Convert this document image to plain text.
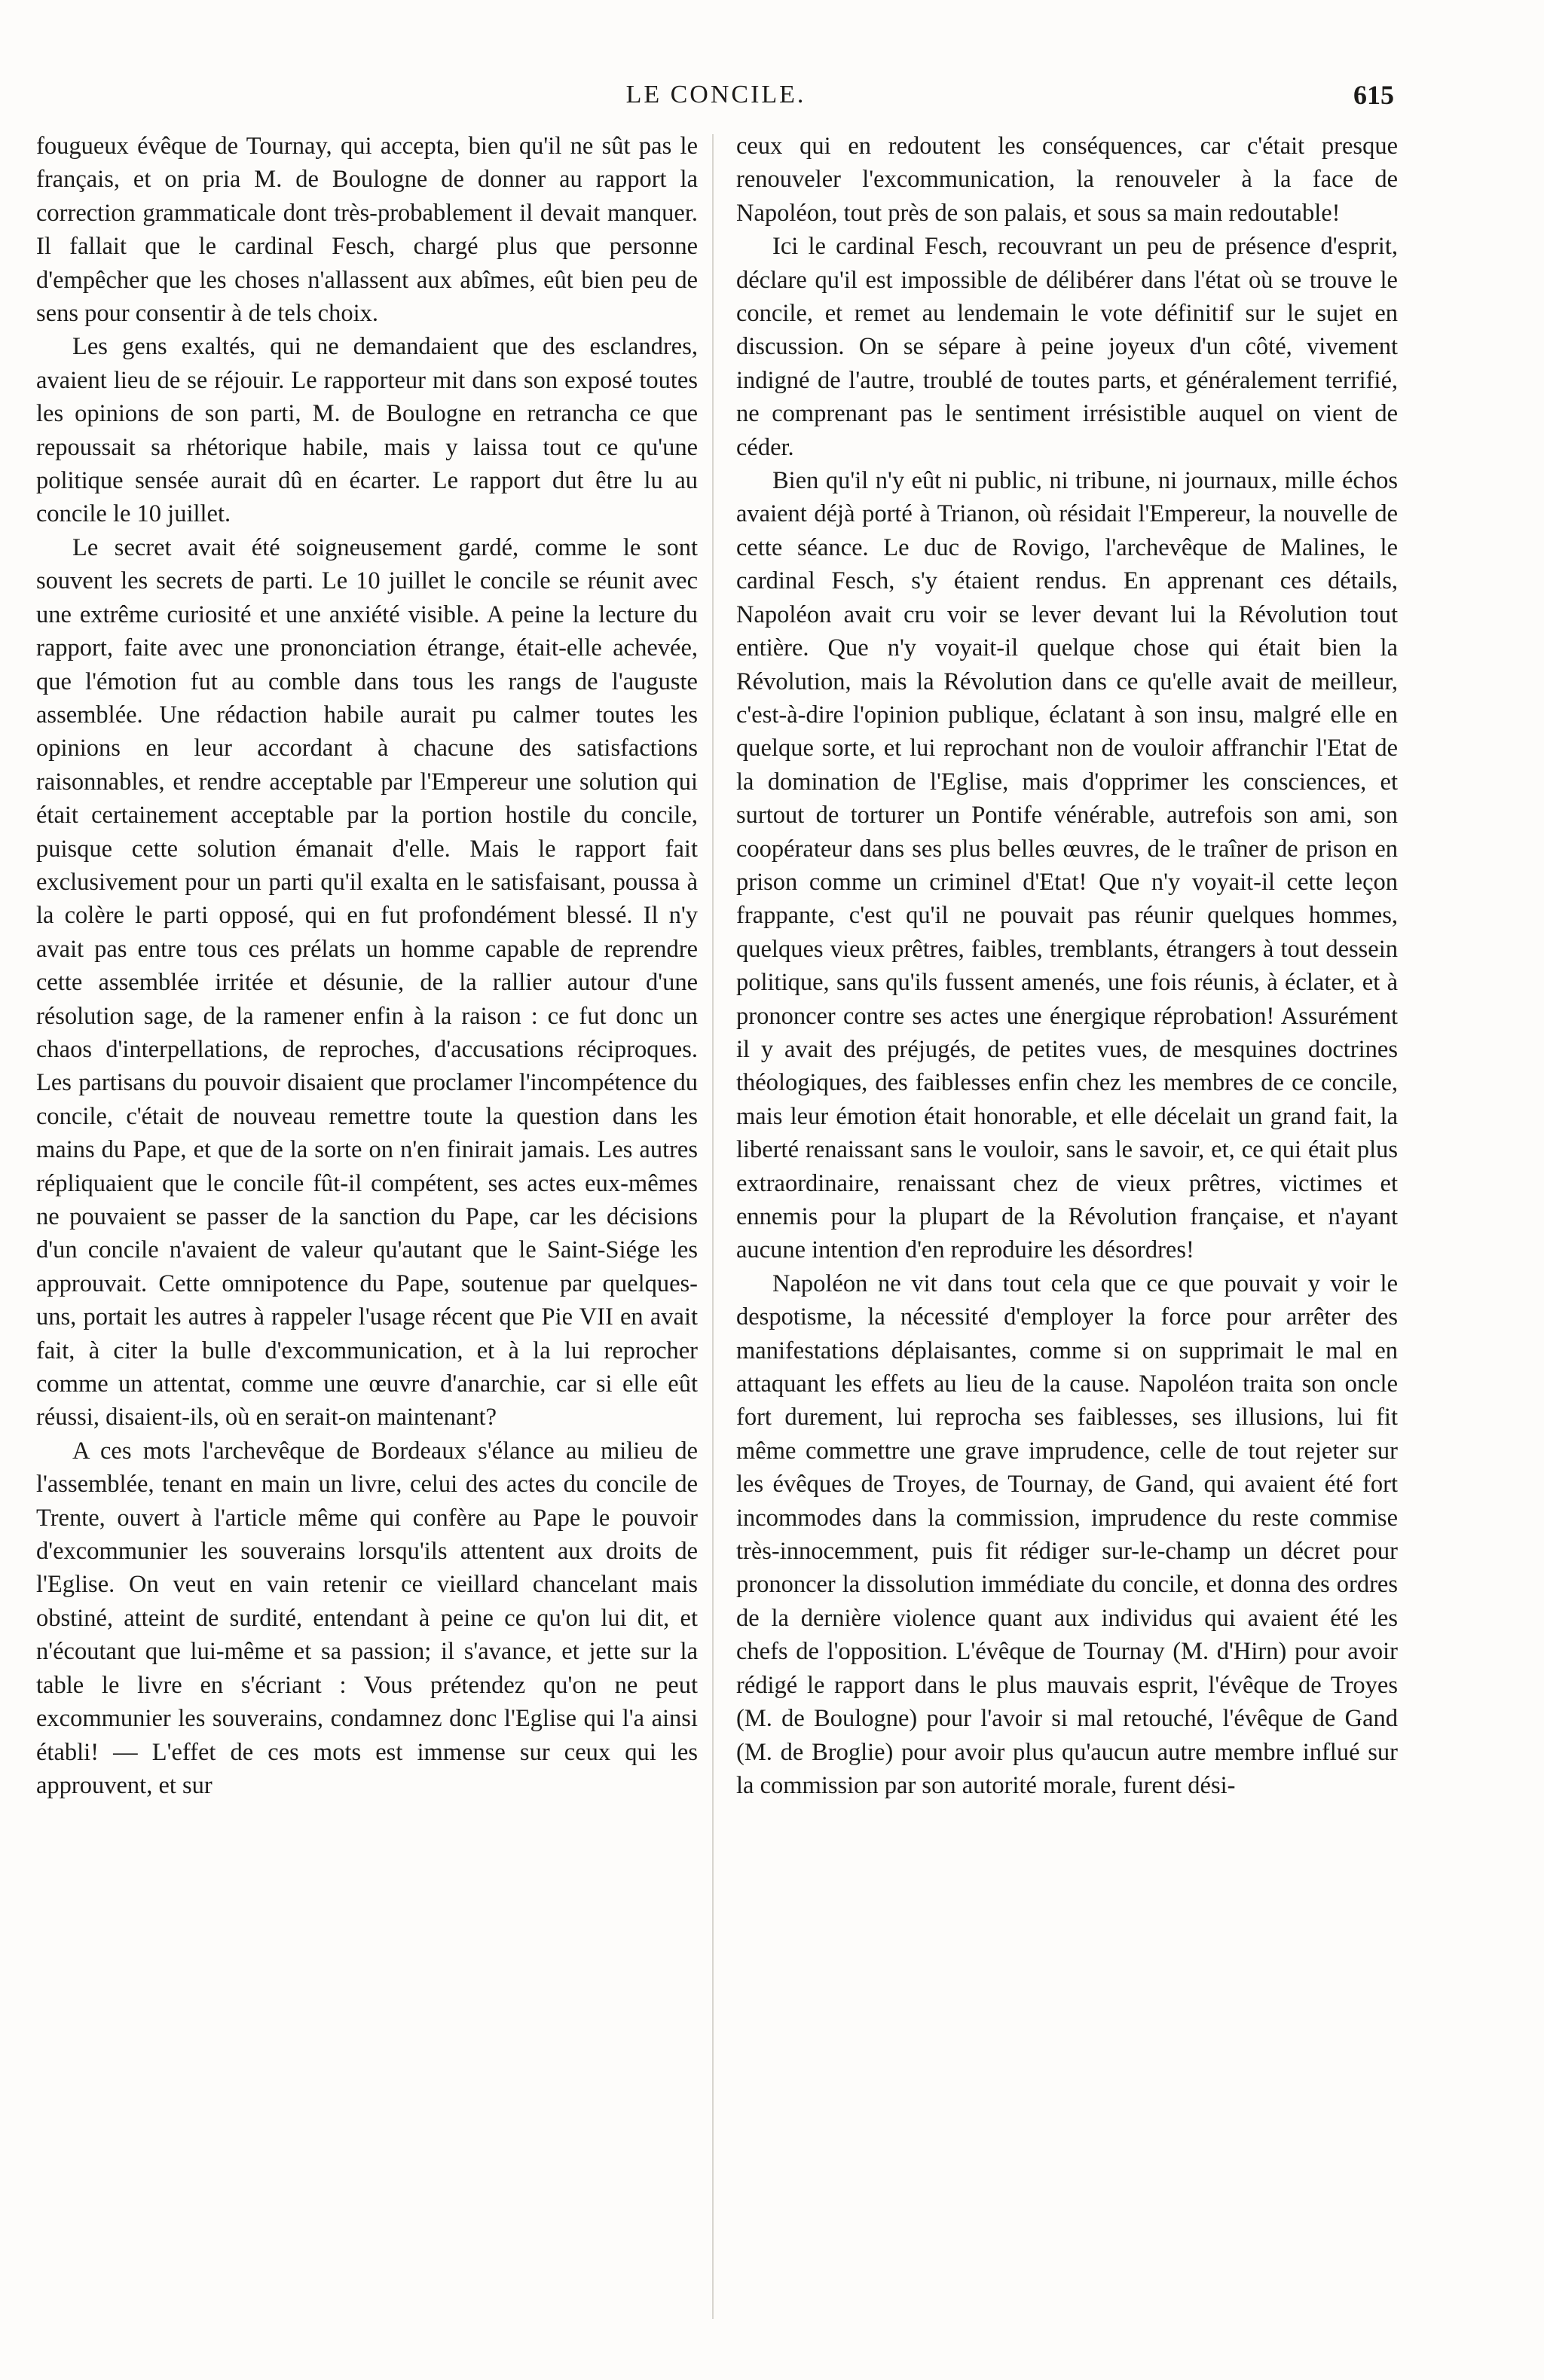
LE CONCILE.	615

fougueux évêque de Tournay, qui accepta, bien qu'il ne sût pas le français, et on pria M. de Boulogne de donner au rapport la correction grammaticale dont très-probablement il devait manquer. Il fallait que le cardinal Fesch, chargé plus que personne d'empêcher que les choses n'allassent aux abîmes, eût bien peu de sens pour consentir à de tels choix.

Les gens exaltés, qui ne demandaient que des esclandres, avaient lieu de se réjouir. Le rapporteur mit dans son exposé toutes les opinions de son parti, M. de Boulogne en retrancha ce que repoussait sa rhétorique habile, mais y laissa tout ce qu'une politique sensée aurait dû en écarter. Le rapport dut être lu au concile le 10 juillet.

Le secret avait été soigneusement gardé, comme le sont souvent les secrets de parti. Le 10 juillet le concile se réunit avec une extrême curiosité et une anxiété visible. A peine la lecture du rapport, faite avec une prononciation étrange, était-elle achevée, que l'émotion fut au comble dans tous les rangs de l'auguste assemblée. Une rédaction habile aurait pu calmer toutes les opinions en leur accordant à chacune des satisfactions raisonnables, et rendre acceptable par l'Empereur une solution qui était certainement acceptable par la portion hostile du concile, puisque cette solution émanait d'elle. Mais le rapport fait exclusivement pour un parti qu'il exalta en le satisfaisant, poussa à la colère le parti opposé, qui en fut profondément blessé. Il n'y avait pas entre tous ces prélats un homme capable de reprendre cette assemblée irritée et désunie, de la rallier autour d'une résolution sage, de la ramener enfin à la raison : ce fut donc un chaos d'interpellations, de reproches, d'accusations réciproques. Les partisans du pouvoir disaient que proclamer l'incompétence du concile, c'était de nouveau remettre toute la question dans les mains du Pape, et que de la sorte on n'en finirait jamais. Les autres répliquaient que le concile fût-il compétent, ses actes eux-mêmes ne pouvaient se passer de la sanction du Pape, car les décisions d'un concile n'avaient de valeur qu'autant que le Saint-Siége les approuvait. Cette omnipotence du Pape, soutenue par quelques-uns, portait les autres à rappeler l'usage récent que Pie VII en avait fait, à citer la bulle d'excommunication, et à la lui reprocher comme un attentat, comme une œuvre d'anarchie, car si elle eût réussi, disaient-ils, où en serait-on maintenant?

A ces mots l'archevêque de Bordeaux s'élance au milieu de l'assemblée, tenant en main un livre, celui des actes du concile de Trente, ouvert à l'article même qui confère au Pape le pouvoir d'excommunier les souverains lorsqu'ils attentent aux droits de l'Eglise. On veut en vain retenir ce vieillard chancelant mais obstiné, atteint de surdité, entendant à peine ce qu'on lui dit, et n'écoutant que lui-même et sa passion; il s'avance, et jette sur la table le livre en s'écriant : Vous prétendez qu'on ne peut excommunier les souverains, condamnez donc l'Eglise qui l'a ainsi établi! — L'effet de ces mots est immense sur ceux qui les approuvent, et sur

ceux qui en redoutent les conséquences, car c'était presque renouveler l'excommunication, la renouveler à la face de Napoléon, tout près de son palais, et sous sa main redoutable!

Ici le cardinal Fesch, recouvrant un peu de présence d'esprit, déclare qu'il est impossible de délibérer dans l'état où se trouve le concile, et remet au lendemain le vote définitif sur le sujet en discussion. On se sépare à peine joyeux d'un côté, vivement indigné de l'autre, troublé de toutes parts, et généralement terrifié, ne comprenant pas le sentiment irrésistible auquel on vient de céder.

Bien qu'il n'y eût ni public, ni tribune, ni journaux, mille échos avaient déjà porté à Trianon, où résidait l'Empereur, la nouvelle de cette séance. Le duc de Rovigo, l'archevêque de Malines, le cardinal Fesch, s'y étaient rendus. En apprenant ces détails, Napoléon avait cru voir se lever devant lui la Révolution tout entière. Que n'y voyait-il quelque chose qui était bien la Révolution, mais la Révolution dans ce qu'elle avait de meilleur, c'est-à-dire l'opinion publique, éclatant à son insu, malgré elle en quelque sorte, et lui reprochant non de vouloir affranchir l'Etat de la domination de l'Eglise, mais d'opprimer les consciences, et surtout de torturer un Pontife vénérable, autrefois son ami, son coopérateur dans ses plus belles œuvres, de le traîner de prison en prison comme un criminel d'Etat! Que n'y voyait-il cette leçon frappante, c'est qu'il ne pouvait pas réunir quelques hommes, quelques vieux prêtres, faibles, tremblants, étrangers à tout dessein politique, sans qu'ils fussent amenés, une fois réunis, à éclater, et à prononcer contre ses actes une énergique réprobation! Assurément il y avait des préjugés, de petites vues, de mesquines doctrines théologiques, des faiblesses enfin chez les membres de ce concile, mais leur émotion était honorable, et elle décelait un grand fait, la liberté renaissant sans le vouloir, sans le savoir, et, ce qui était plus extraordinaire, renaissant chez de vieux prêtres, victimes et ennemis pour la plupart de la Révolution française, et n'ayant aucune intention d'en reproduire les désordres!

Napoléon ne vit dans tout cela que ce que pouvait y voir le despotisme, la nécessité d'employer la force pour arrêter des manifestations déplaisantes, comme si on supprimait le mal en attaquant les effets au lieu de la cause. Napoléon traita son oncle fort durement, lui reprocha ses faiblesses, ses illusions, lui fit même commettre une grave imprudence, celle de tout rejeter sur les évêques de Troyes, de Tournay, de Gand, qui avaient été fort incommodes dans la commission, imprudence du reste commise très-innocemment, puis fit rédiger sur-le-champ un décret pour prononcer la dissolution immédiate du concile, et donna des ordres de la dernière violence quant aux individus qui avaient été les chefs de l'opposition. L'évêque de Tournay (M. d'Hirn) pour avoir rédigé le rapport dans le plus mauvais esprit, l'évêque de Troyes (M. de Boulogne) pour l'avoir si mal retouché, l'évêque de Gand (M. de Broglie) pour avoir plus qu'aucun autre membre influé sur la commission par son autorité morale, furent dési-
